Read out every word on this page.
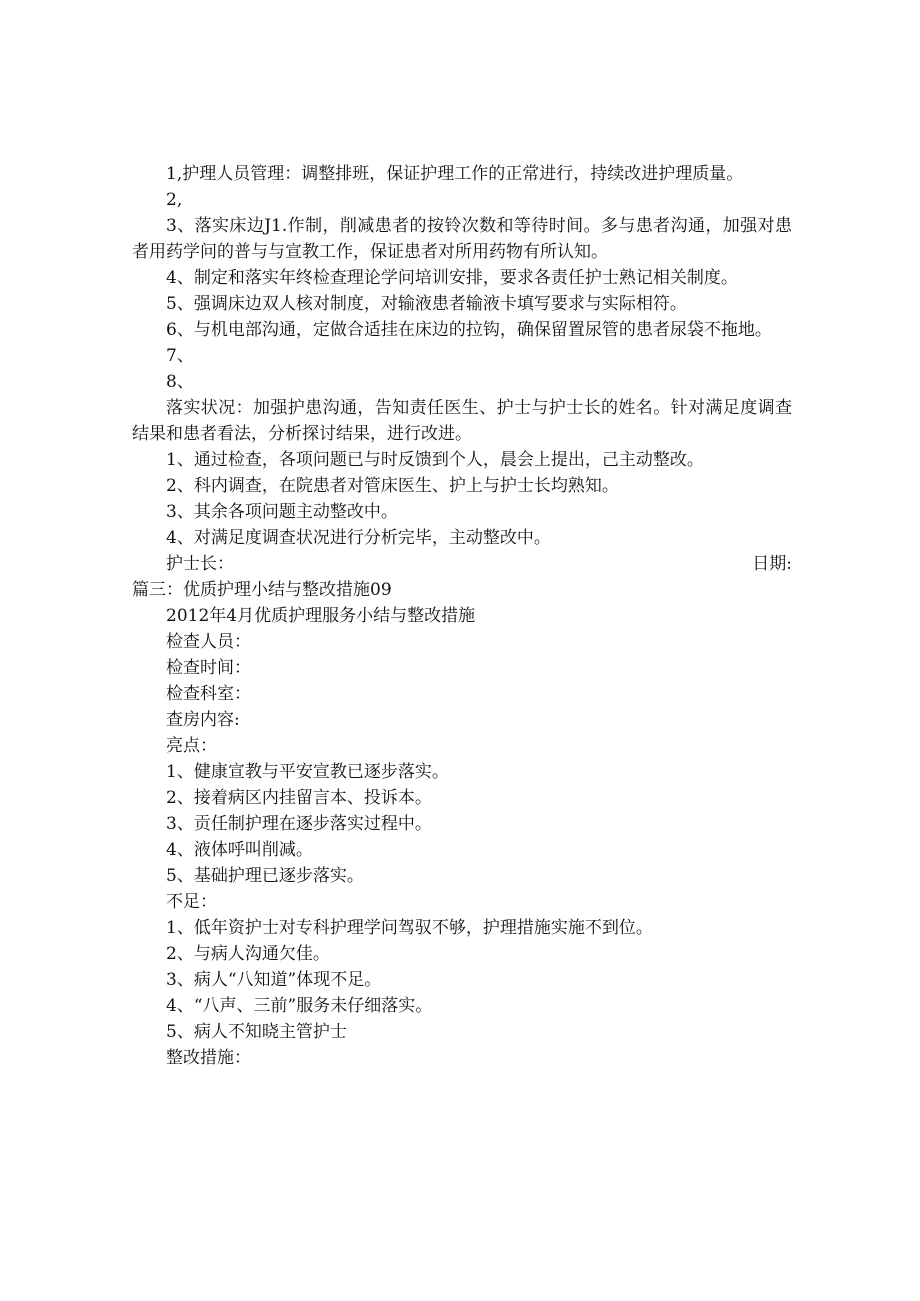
1,护理人员管理：调整排班，保证护理工作的正常进行，持续改进护理质量。

2,

3、落实床边J1.作制，削减患者的按铃次数和等待时间。多与患者沟通，加强对患者用药学问的普与与宣教工作，保证患者对所用药物有所认知。

4、制定和落实年终检查理论学问培训安排，要求各责任护士熟记相关制度。

5、强调床边双人核对制度，对输液患者输液卡填写要求与实际相符。

6、与机电部沟通，定做合适挂在床边的拉钩，确保留置尿管的患者尿袋不拖地。

7、

8、

落实状况：加强护患沟通，告知责任医生、护士与护士长的姓名。针对满足度调查结果和患者看法，分析探讨结果，进行改进。

1、通过检查，各项问题已与时反馈到个人，晨会上提出，己主动整改。

2、科内调查，在院患者对管床医生、护上与护士长均熟知。

3、其余各项问题主动整改中。

4、对满足度调查状况进行分析完毕，主动整改中。

护士长：	日期:

篇三：优质护理小结与整改措施09

2012年4月优质护理服务小结与整改措施

检查人员：

检查时间：

检查科室：

查房内容:

亮点：

1、健康宣教与平安宣教已逐步落实。

2、接着病区内挂留言本、投诉本。

3、贡任制护理在逐步落实过程中。

4、液体呼叫削减。

5、基础护理已逐步落实。

不足：

1、低年资护士对专科护理学问驾驭不够，护理措施实施不到位。

2、与病人沟通欠佳。

3、病人“八知道”体现不足。

4、“八声、三前”服务未仔细落实。

5、病人不知晓主管护士

整改措施：
